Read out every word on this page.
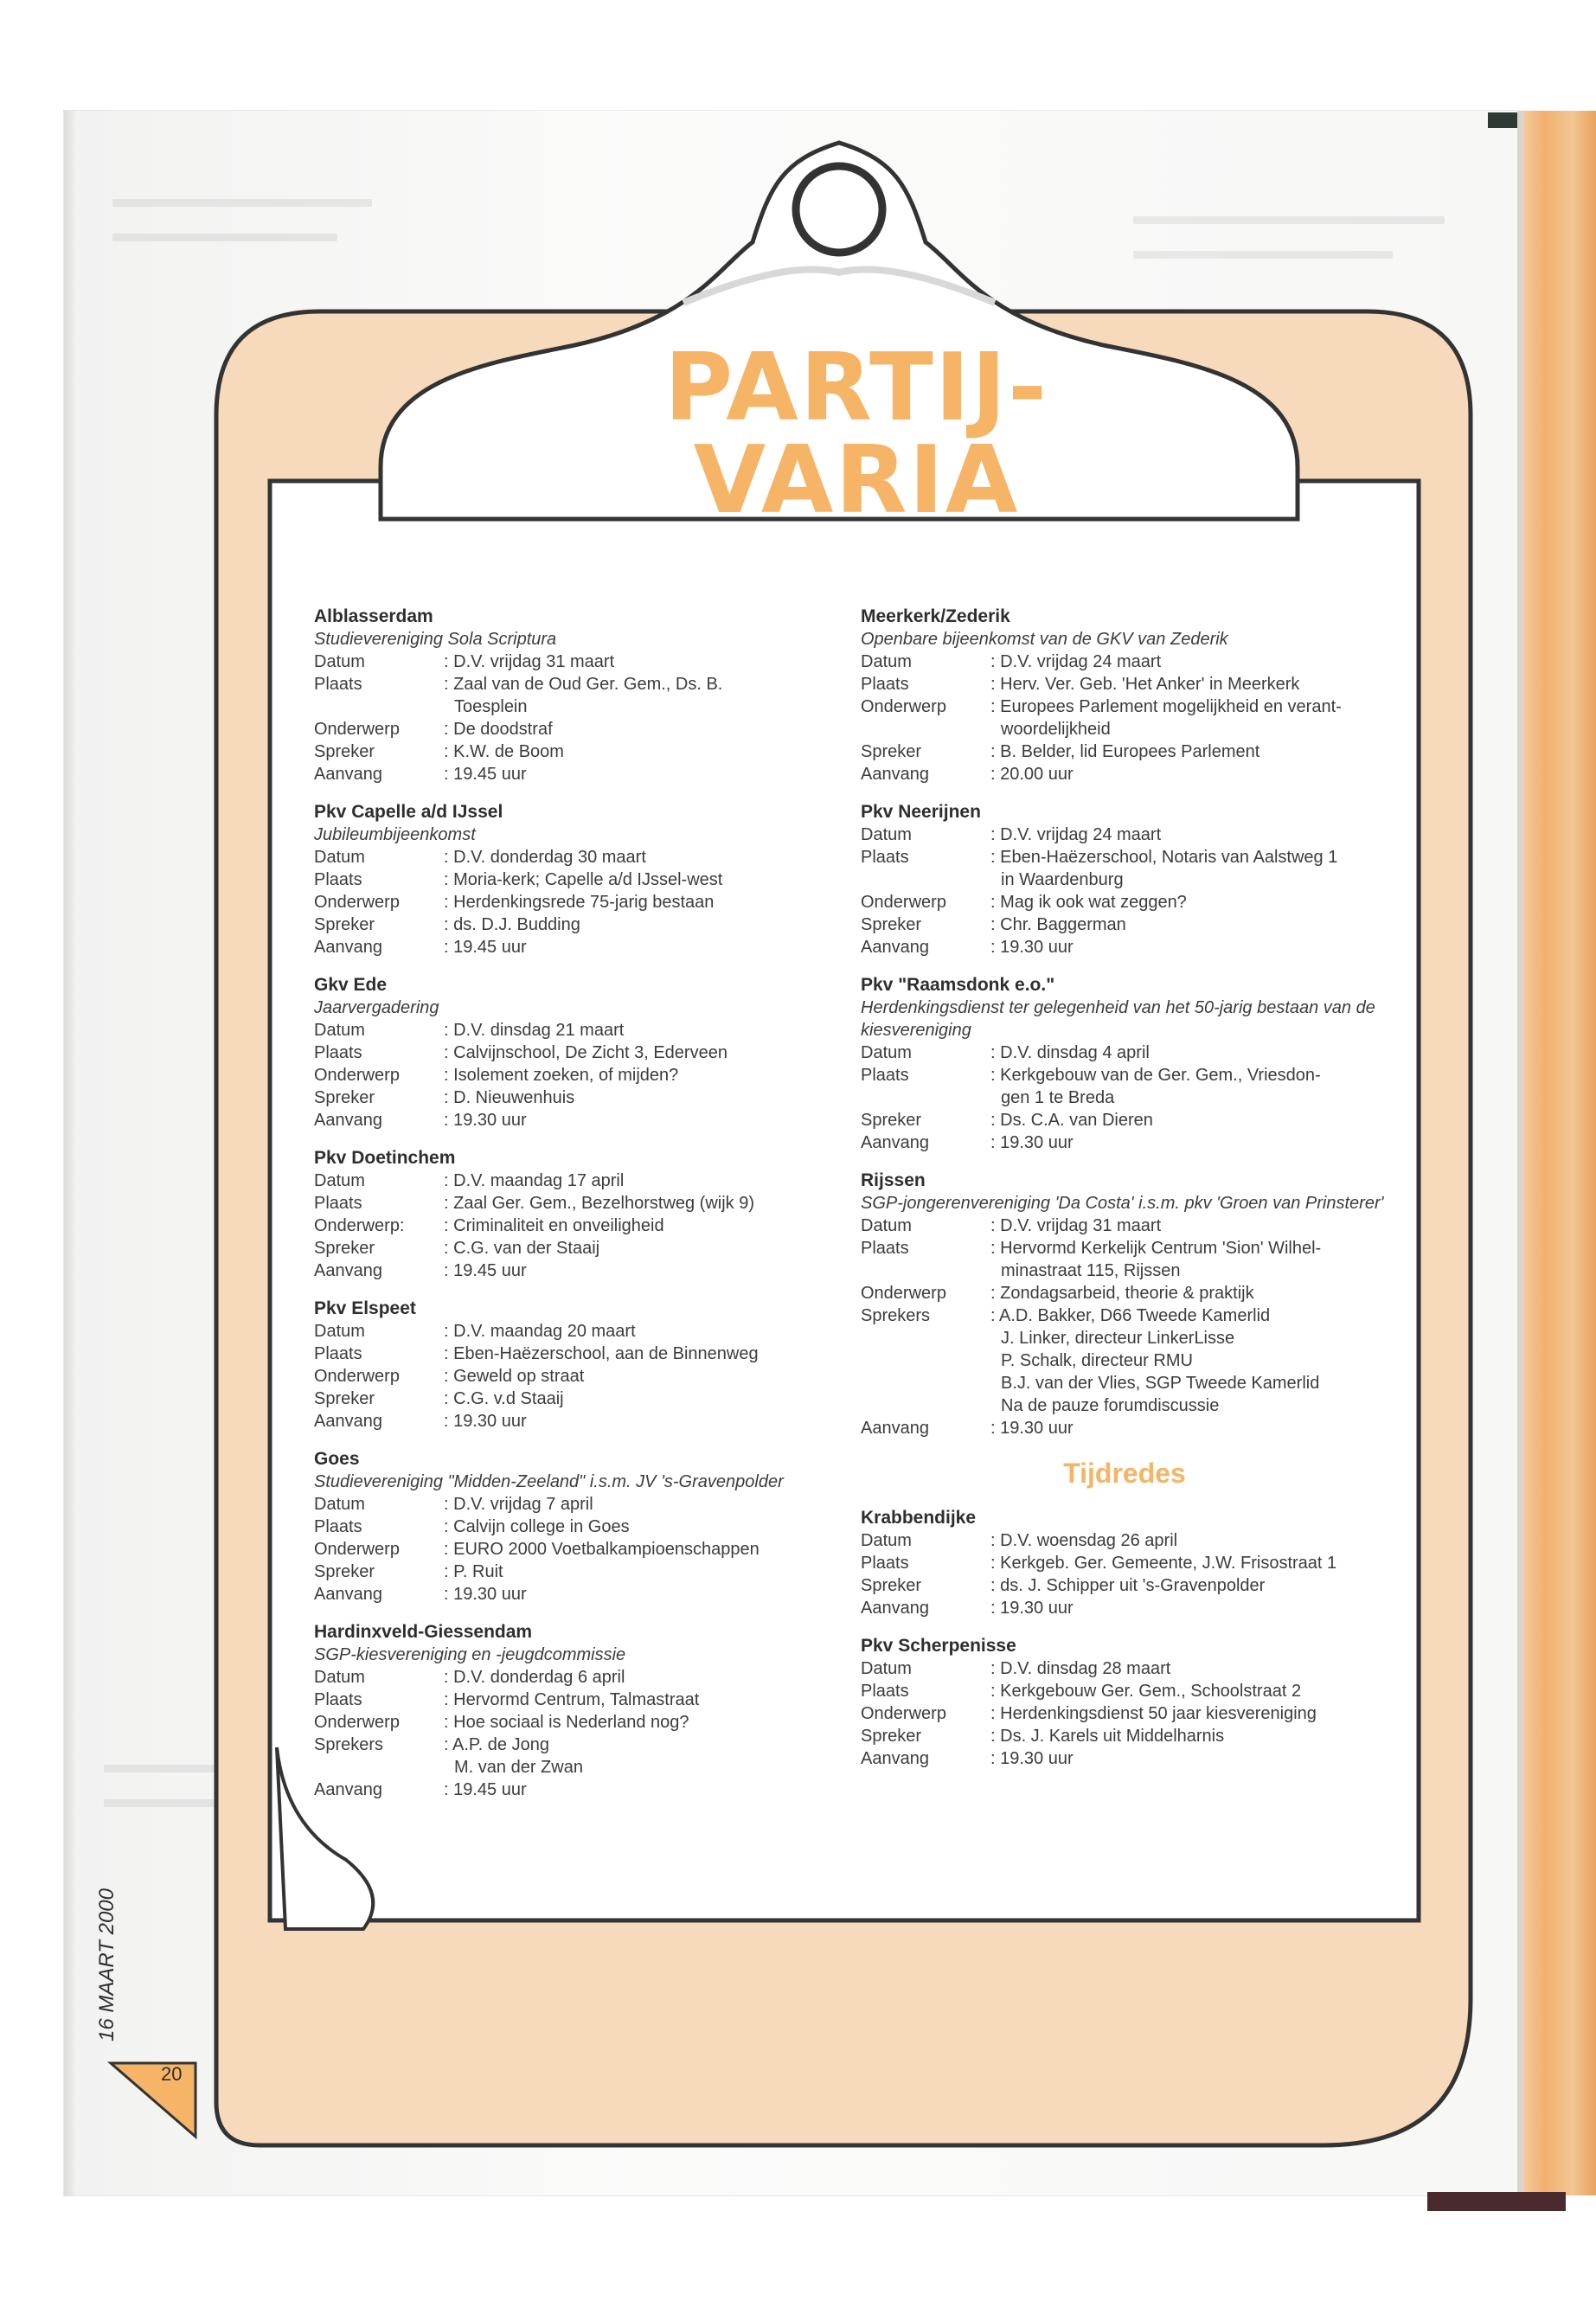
PARTIJ-
VARIA
Alblasserdam
Studievereniging Sola Scriptura
Datum	: D.V. vrijdag 31 maart
Plaats	: Zaal van de Oud Ger. Gem., Ds. B.
Toesplein
Onderwerp	: De doodstraf
Spreker	: K.W. de Boom
Aanvang	: 19.45 uur
Pkv Capelle a/d IJssel
Jubileumbijeenkomst
Datum	: D.V. donderdag 30 maart
Plaats	: Moria-kerk; Capelle a/d IJssel-west
Onderwerp	: Herdenkingsrede 75-jarig bestaan
Spreker	: ds. D.J. Budding
Aanvang	: 19.45 uur
Gkv Ede
Jaarvergadering
Datum	: D.V. dinsdag 21 maart
Plaats	: Calvijnschool, De Zicht 3, Ederveen
Onderwerp	: Isolement zoeken, of mijden?
Spreker	: D. Nieuwenhuis
Aanvang	: 19.30 uur
Pkv Doetinchem
Datum	: D.V. maandag 17 april
Plaats	: Zaal Ger. Gem., Bezelhorstweg (wijk 9)
Onderwerp:	: Criminaliteit en onveiligheid
Spreker	: C.G. van der Staaij
Aanvang	: 19.45 uur
Pkv Elspeet
Datum	: D.V. maandag 20 maart
Plaats	: Eben-Haëzerschool, aan de Binnenweg
Onderwerp	: Geweld op straat
Spreker	: C.G. v.d Staaij
Aanvang	: 19.30 uur
Goes
Studievereniging "Midden-Zeeland" i.s.m. JV 's-Gravenpolder
Datum	: D.V. vrijdag 7 april
Plaats	: Calvijn college in Goes
Onderwerp	: EURO 2000 Voetbalkampioenschappen
Spreker	: P. Ruit
Aanvang	: 19.30 uur
Hardinxveld-Giessendam
SGP-kiesvereniging en -jeugdcommissie
Datum	: D.V. donderdag 6 april
Plaats	: Hervormd Centrum, Talmastraat
Onderwerp	: Hoe sociaal is Nederland nog?
Sprekers	: A.P. de Jong
M. van der Zwan
Aanvang	: 19.45 uur
Meerkerk/Zederik
Openbare bijeenkomst van de GKV van Zederik
Datum	: D.V. vrijdag 24 maart
Plaats	: Herv. Ver. Geb. 'Het Anker' in Meerkerk
Onderwerp	: Europees Parlement mogelijkheid en verant-
woordelijkheid
Spreker	: B. Belder, lid Europees Parlement
Aanvang	: 20.00 uur
Pkv Neerijnen
Datum	: D.V. vrijdag 24 maart
Plaats	: Eben-Haëzerschool, Notaris van Aalstweg 1
in Waardenburg
Onderwerp	: Mag ik ook wat zeggen?
Spreker	: Chr. Baggerman
Aanvang	: 19.30 uur
Pkv "Raamsdonk e.o."
Herdenkingsdienst ter gelegenheid van het 50-jarig bestaan van de kiesvereniging
Datum	: D.V. dinsdag 4 april
Plaats	: Kerkgebouw van de Ger. Gem., Vriesdon-
gen 1 te Breda
Spreker	: Ds. C.A. van Dieren
Aanvang	: 19.30 uur
Rijssen
SGP-jongerenvereniging 'Da Costa' i.s.m. pkv 'Groen van Prinsterer'
Datum	: D.V. vrijdag 31 maart
Plaats	: Hervormd Kerkelijk Centrum 'Sion' Wilhel-
minastraat 115, Rijssen
Onderwerp	: Zondagsarbeid, theorie & praktijk
Sprekers	: A.D. Bakker, D66 Tweede Kamerlid
J. Linker, directeur LinkerLisse
P. Schalk, directeur RMU
B.J. van der Vlies, SGP Tweede Kamerlid
Na de pauze forumdiscussie
Aanvang	: 19.30 uur
Tijdredes
Krabbendijke
Datum	: D.V. woensdag 26 april
Plaats	: Kerkgeb. Ger. Gemeente, J.W. Frisostraat 1
Spreker	: ds. J. Schipper uit 's-Gravenpolder
Aanvang	: 19.30 uur
Pkv Scherpenisse
Datum	: D.V. dinsdag 28 maart
Plaats	: Kerkgebouw Ger. Gem., Schoolstraat 2
Onderwerp	: Herdenkingsdienst 50 jaar kiesvereniging
Spreker	: Ds. J. Karels uit Middelharnis
Aanvang	: 19.30 uur
16 MAART 2000
20
